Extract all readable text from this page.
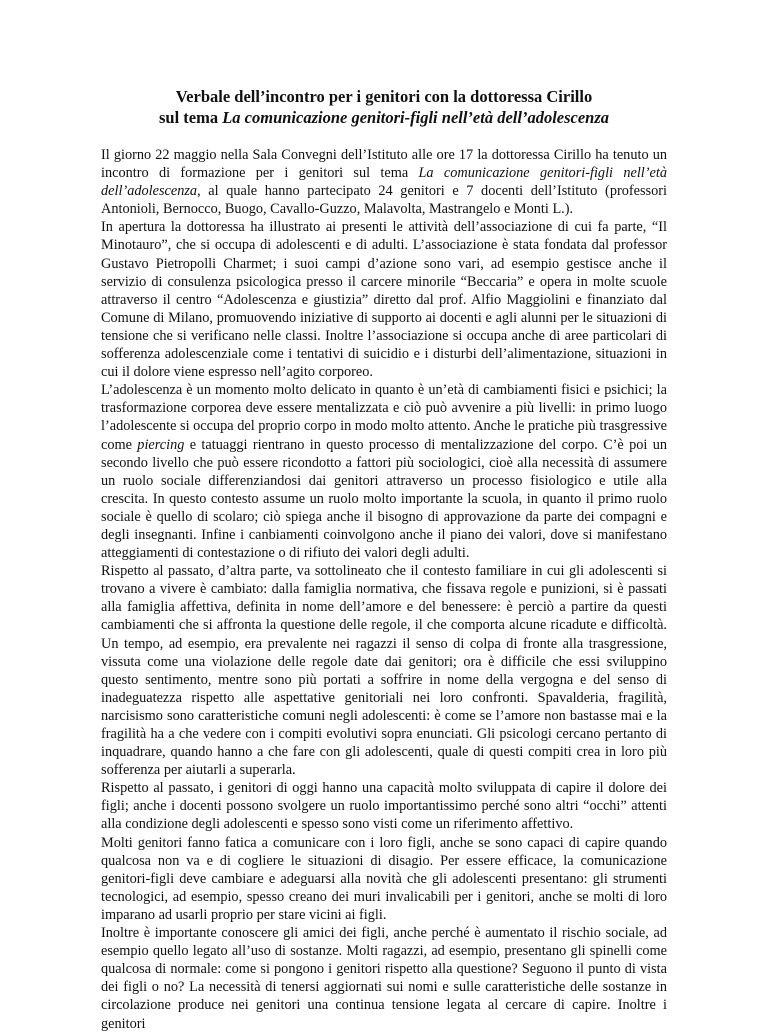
Verbale dell’incontro per i genitori con la dottoressa Cirillo
sul tema La comunicazione genitori-figli nell’età dell’adolescenza

Il giorno 22 maggio nella Sala Convegni dell’Istituto alle ore 17 la dottoressa Cirillo ha tenuto un incontro di formazione per i genitori sul tema La comunicazione genitori-figli nell’età dell’adolescenza, al quale hanno partecipato 24 genitori e 7 docenti dell’Istituto (professori Antonioli, Bernocco, Buogo, Cavallo-Guzzo, Malavolta, Mastrangelo e Monti L.).

In apertura la dottoressa ha illustrato ai presenti le attività dell’associazione di cui fa parte, “Il Minotauro”, che si occupa di adolescenti e di adulti. L’associazione è stata fondata dal professor Gustavo Pietropolli Charmet; i suoi campi d’azione sono vari, ad esempio gestisce anche il servizio di consulenza psicologica presso il carcere minorile “Beccaria” e opera in molte scuole attraverso il centro “Adolescenza e giustizia” diretto dal prof. Alfio Maggiolini e finanziato dal Comune di Milano, promuovendo iniziative di supporto ai docenti e agli alunni per le situazioni di tensione che si verificano nelle classi. Inoltre l’associazione si occupa anche di aree particolari di sofferenza adolescenziale come i tentativi di suicidio e i disturbi dell’alimentazione, situazioni in cui il dolore viene espresso nell’agito corporeo.

L’adolescenza è un momento molto delicato in quanto è un’età di cambiamenti fisici e psichici; la trasformazione corporea deve essere mentalizzata e ciò può avvenire a più livelli: in primo luogo l’adolescente si occupa del proprio corpo in modo molto attento. Anche le pratiche più trasgressive come piercing e tatuaggi rientrano in questo processo di mentalizzazione del corpo. C’è poi un secondo livello che può essere ricondotto a fattori più sociologici, cioè alla necessità di assumere un ruolo sociale differenziandosi dai genitori attraverso un processo fisiologico e utile alla crescita. In questo contesto assume un ruolo molto importante la scuola, in quanto il primo ruolo sociale è quello di scolaro; ciò spiega anche il bisogno di approvazione da parte dei compagni e degli insegnanti. Infine i canbiamenti coinvolgono anche il piano dei valori, dove si manifestano atteggiamenti di contestazione o di rifiuto dei valori degli adulti.

Rispetto al passato, d’altra parte, va sottolineato che il contesto familiare in cui gli adolescenti si trovano a vivere è cambiato: dalla famiglia normativa, che fissava regole e punizioni, si è passati alla famiglia affettiva, definita in nome dell’amore e del benessere: è perciò a partire da questi cambiamenti che si affronta la questione delle regole, il che comporta alcune ricadute e difficoltà. Un tempo, ad esempio, era prevalente nei ragazzi il senso di colpa di fronte alla trasgressione, vissuta come una violazione delle regole date dai genitori; ora è difficile che essi sviluppino questo sentimento, mentre sono più portati a soffrire in nome della vergogna e del senso di inadeguatezza rispetto alle aspettative genitoriali nei loro confronti. Spavalderia, fragilità, narcisismo sono caratteristiche comuni negli adolescenti: è come se l’amore non bastasse mai e la fragilità ha a che vedere con i compiti evolutivi sopra enunciati. Gli psicologi cercano pertanto di inquadrare, quando hanno a che fare con gli adolescenti, quale di questi compiti crea in loro più sofferenza per aiutarli a superarla.

Rispetto al passato, i genitori di oggi hanno una capacità molto sviluppata di capire il dolore dei figli; anche i docenti possono svolgere un ruolo importantissimo perché sono altri “occhi” attenti alla condizione degli adolescenti e spesso sono visti come un riferimento affettivo.

Molti genitori fanno fatica a comunicare con i loro figli, anche se sono capaci di capire quando qualcosa non va e di cogliere le situazioni di disagio. Per essere efficace, la comunicazione genitori-figli deve cambiare e adeguarsi alla novità che gli adolescenti presentano: gli strumenti tecnologici, ad esempio, spesso creano dei muri invalicabili per i genitori, anche se molti di loro imparano ad usarli proprio per stare vicini ai figli.

Inoltre è importante conoscere gli amici dei figli, anche perché è aumentato il rischio sociale, ad esempio quello legato all’uso di sostanze. Molti ragazzi, ad esempio, presentano gli spinelli come qualcosa di normale: come si pongono i genitori rispetto alla questione? Seguono il punto di vista dei figli o no? La necessità di tenersi aggiornati sui nomi e sulle caratteristiche delle sostanze in circolazione produce nei genitori una continua tensione legata al cercare di capire. Inoltre i genitori
